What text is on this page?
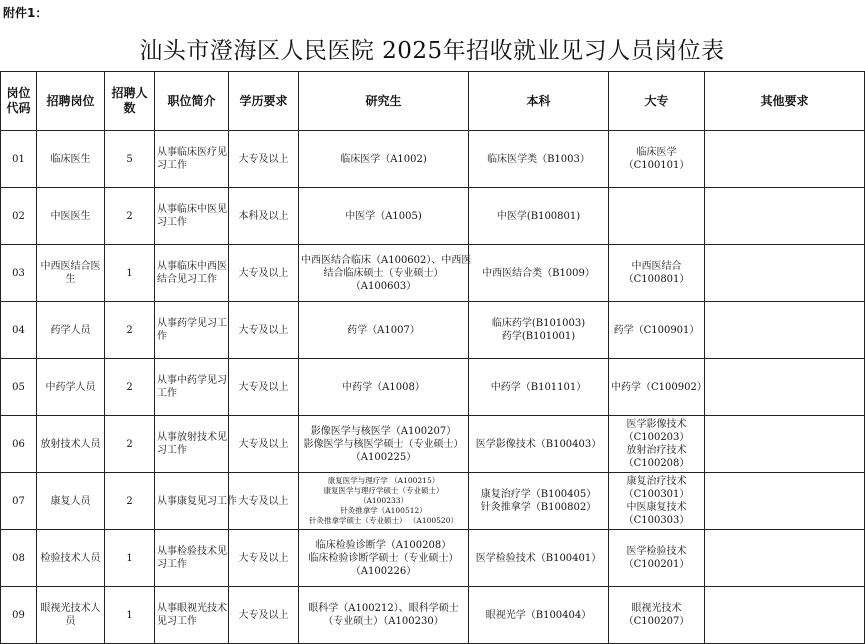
附件1：
汕头市澄海区人民医院 2025年招收就业见习人员岗位表
岗位
代码	招聘岗位	招聘人
数	职位简介	学历要求	研究生	本科	大专	其他要求
01	临床医生	5	从事临床医疗见
习工作	大专及以上	临床医学（A1002)	临床医学类（B1003）	临床医学
（C100101）	

02	中医医生	2	从事临床中医见
习工作	本科及以上	中医学（A1005)	中医学(B100801)		

03	中西医结合医
生	1	从事临床中西医
结合见习工作	大专及以上	中西医结合临床（A100602）、中西医
结合临床硕士（专业硕士）
（A100603）	中西医结合类（B1009）	中西医结合
（C100801）	

04	药学人员	2	从事药学见习工
作	大专及以上	药学（A1007）	临床药学(B101003)
药学(B101001)	药学（C100901）	

05	中药学人员	2	从事中药学见习
工作	大专及以上	中药学（A1008）	中药学（B101101）	中药学（C100902）	

06	放射技术人员	2	从事放射技术见
习工作	大专及以上	影像医学与核医学（A100207）
影像医学与核医学硕士（专业硕士）
（A100225）	医学影像技术（B100403）	医学影像技术
（C100203）
放射治疗技术
（C100208）	

07	康复人员	2	从事康复见习工作	大专及以上	康复医学与理疗学 （A100215）
康复医学与理疗学硕士（专业硕士）
（A100233）
针灸推拿学（A100512）
针灸推拿学硕士（专业硕士） （A100520）	康复治疗学（B100405）
针灸推拿学（B100802）	康复治疗技术
（C100301）
中医康复技术
（C100303）	

08	检验技术人员	1	从事检验技术见
习工作	大专及以上	临床检验诊断学（A100208）
临床检验诊断学硕士（专业硕士）
（A100226）	医学检验技术（B100401）	医学检验技术
（C100201）	

09	眼视光技术人
员	1	从事眼视光技术
见习工作	大专及以上	眼科学（A100212）、眼科学硕士
（专业硕士）（A100230）	眼视光学（B100404）	眼视光技术
（C100207）	
